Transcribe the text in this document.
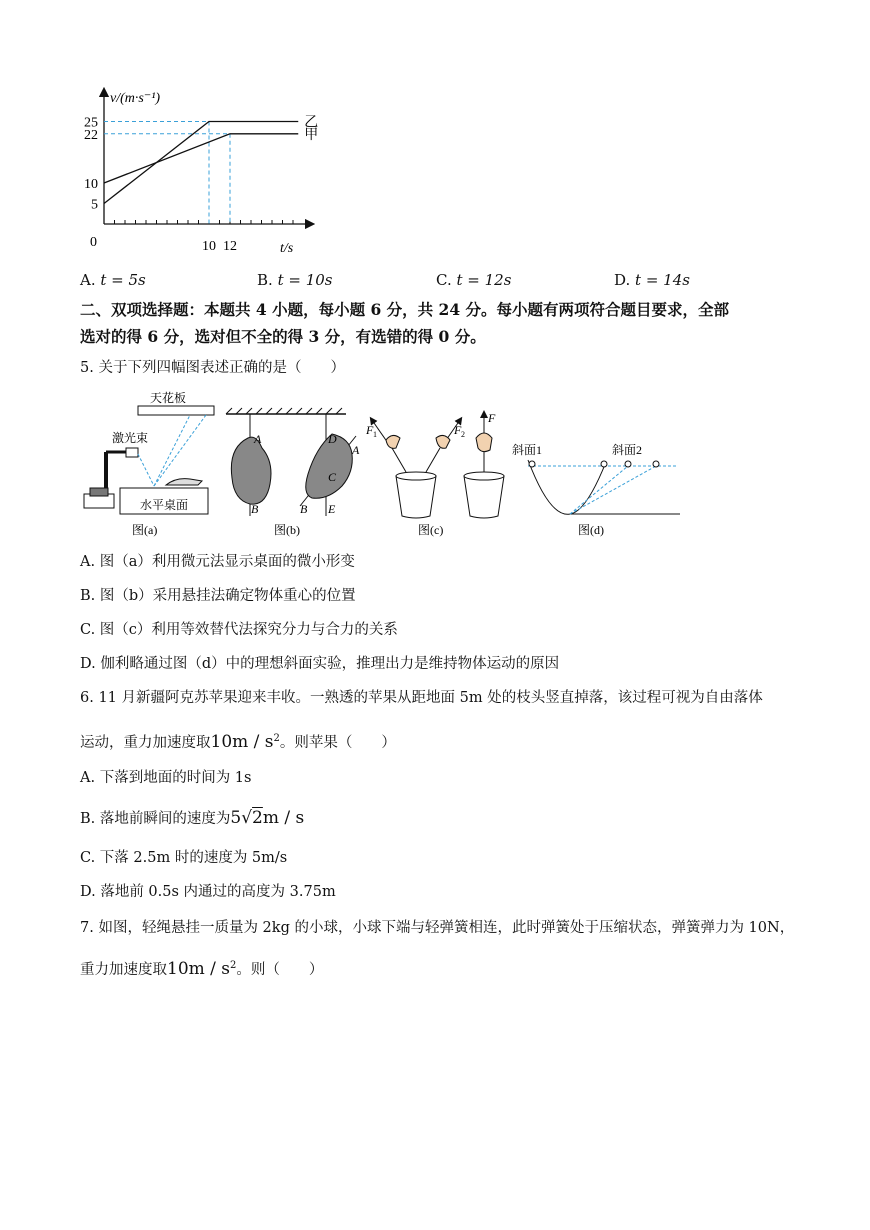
乙
甲
5
10
22
25
10 12
v/(m·s⁻¹)
t/s
0
A. t = 5s	B. t = 10s	C. t = 12s	D. t = 14s
二、双项选择题：本题共 4 小题，每小题 6 分，共 24 分。每小题有两项符合题目要求，全部
选对的得 6 分，选对但不全的得 3 分，有选错的得 0 分。
5. 关于下列四幅图表述正确的是（　　）
天花板
激光束
水平桌面
图(a)
A
B
D
A
C
B E
图(b)
F 1	F 2
F
图(c)
斜面1	斜面2
图(d)
A. 图（a）利用微元法显示桌面的微小形变
B. 图（b）采用悬挂法确定物体重心的位置
C. 图（c）利用等效替代法探究分力与合力的关系
D. 伽利略通过图（d）中的理想斜面实验，推理出力是维持物体运动的原因
6. 11 月新疆阿克苏苹果迎来丰收。一熟透的苹果从距地面 5m 处的枝头竖直掉落，该过程可视为自由落体
运动，重力加速度取$10m / s^2$。则苹果（　　）
A. 下落到地面的时间为 1s
B. 落地前瞬间的速度为5√2m / s
C. 下落 2.5m 时的速度为 5m/s
D. 落地前 0.5s 内通过的高度为 3.75m
7. 如图，轻绳悬挂一质量为 2kg 的小球，小球下端与轻弹簧相连，此时弹簧处于压缩状态，弹簧弹力为 10N，
重力加速度取$10m / s^2$。则（　　）
